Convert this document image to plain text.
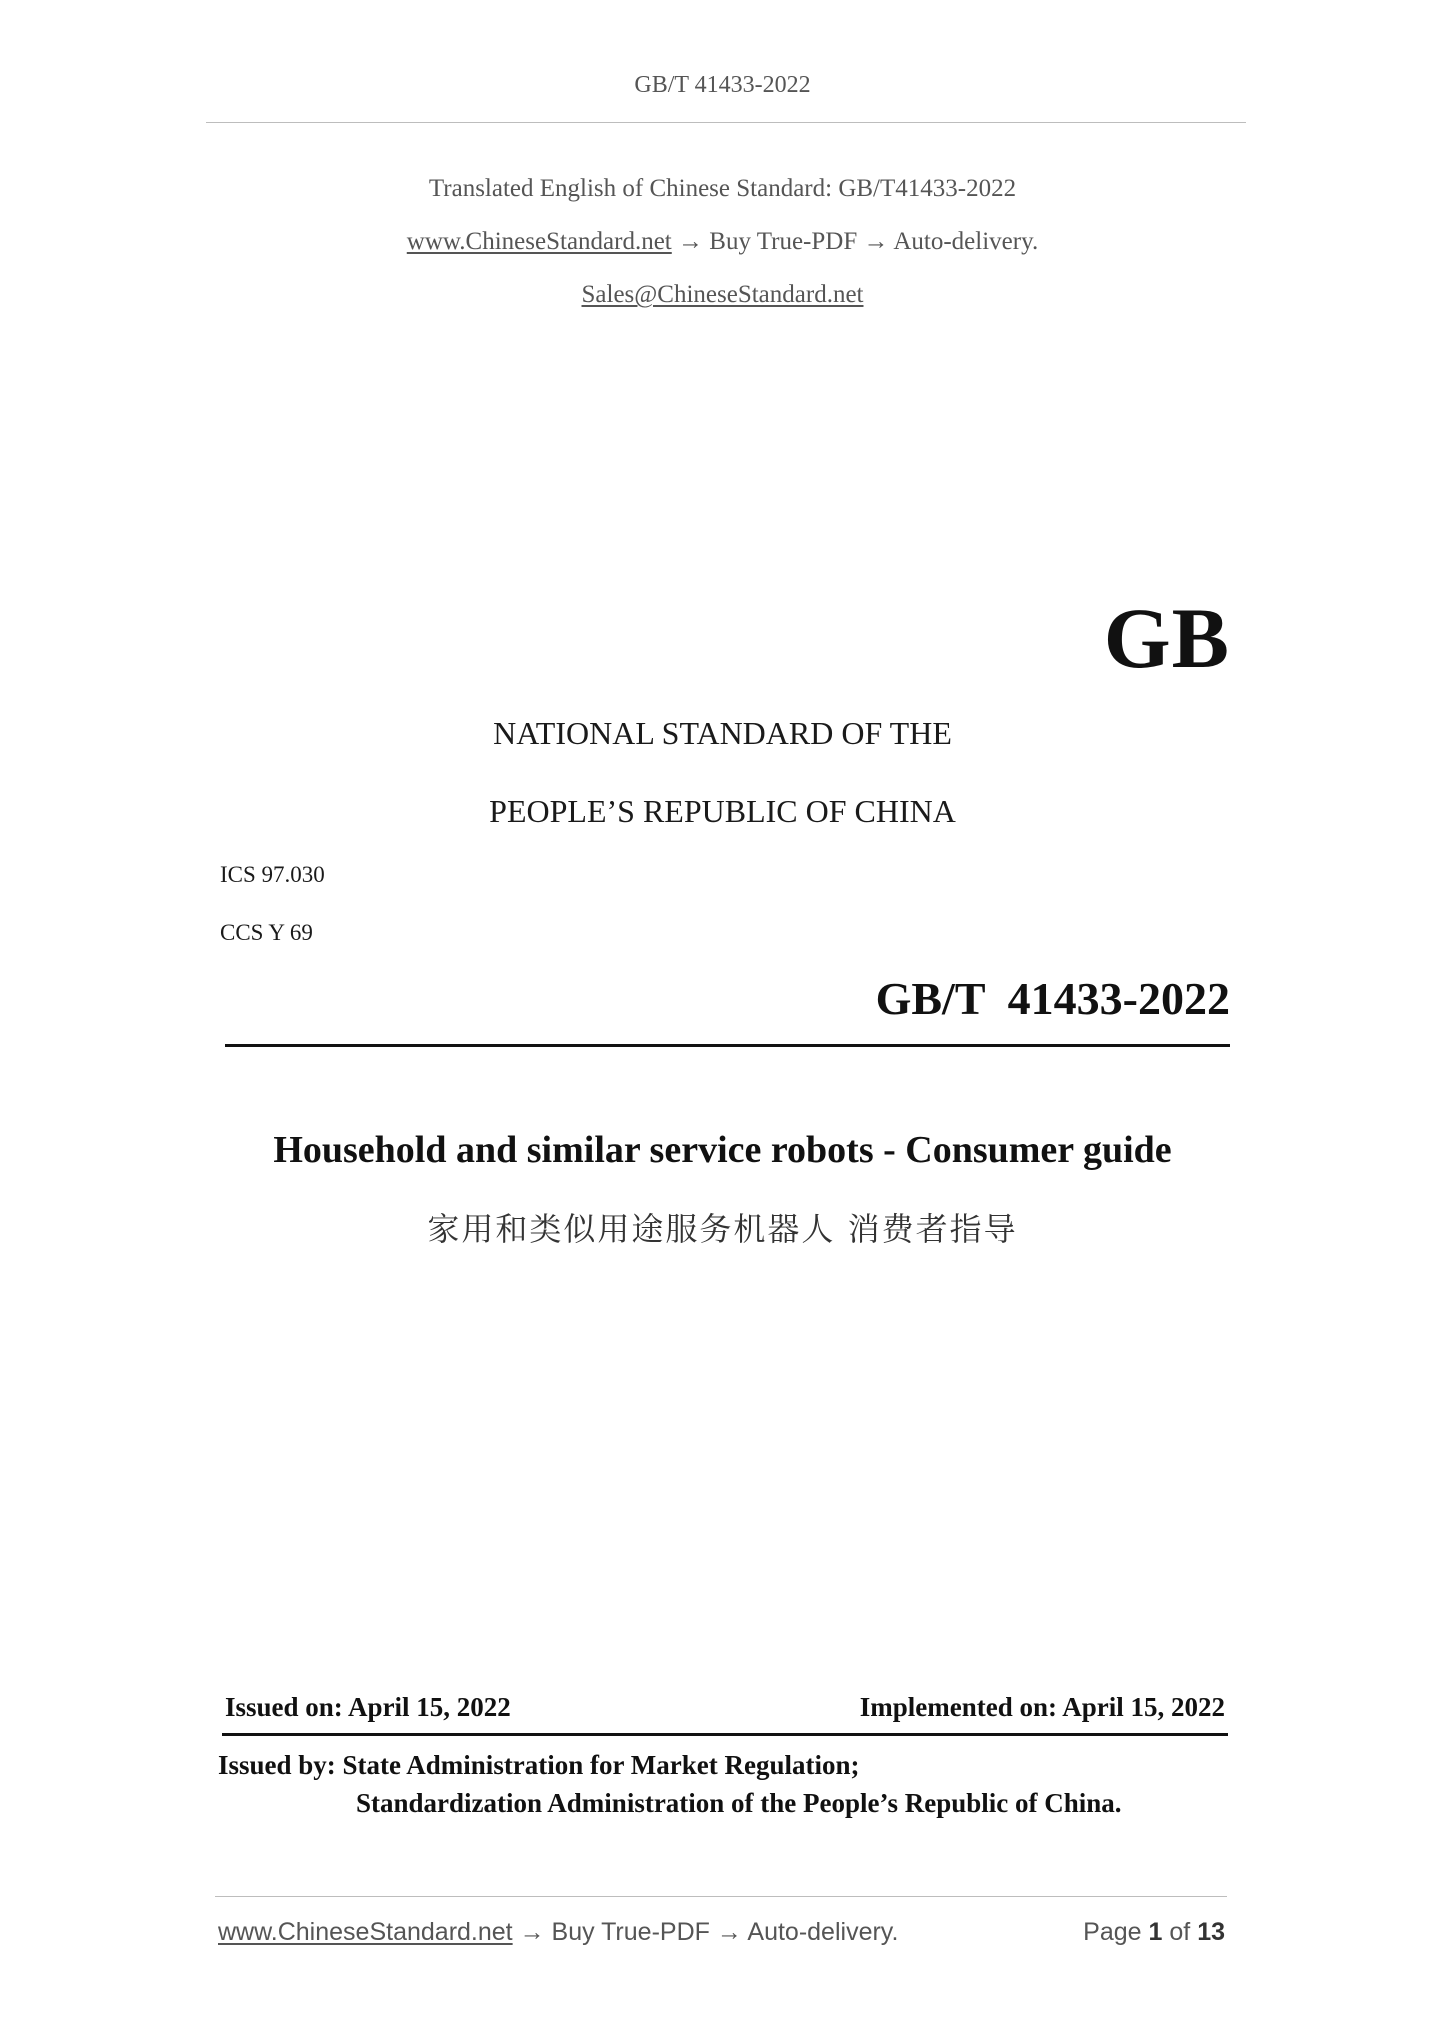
GB/T 41433-2022
Translated English of Chinese Standard: GB/T41433-2022
www.ChineseStandard.net → Buy True-PDF → Auto-delivery.
Sales@ChineseStandard.net
GB
NATIONAL STANDARD OF THE
PEOPLE’S REPUBLIC OF CHINA
ICS 97.030
CCS Y 69
GB/T  41433-2022
Household and similar service robots - Consumer guide
家用和类似用途服务机器人 消费者指导
Issued on: April 15, 2022	Implemented on: April 15, 2022
Issued by: State Administration for Market Regulation;
Standardization Administration of the People’s Republic of China.
www.ChineseStandard.net → Buy True-PDF → Auto-delivery.	Page 1 of 13
